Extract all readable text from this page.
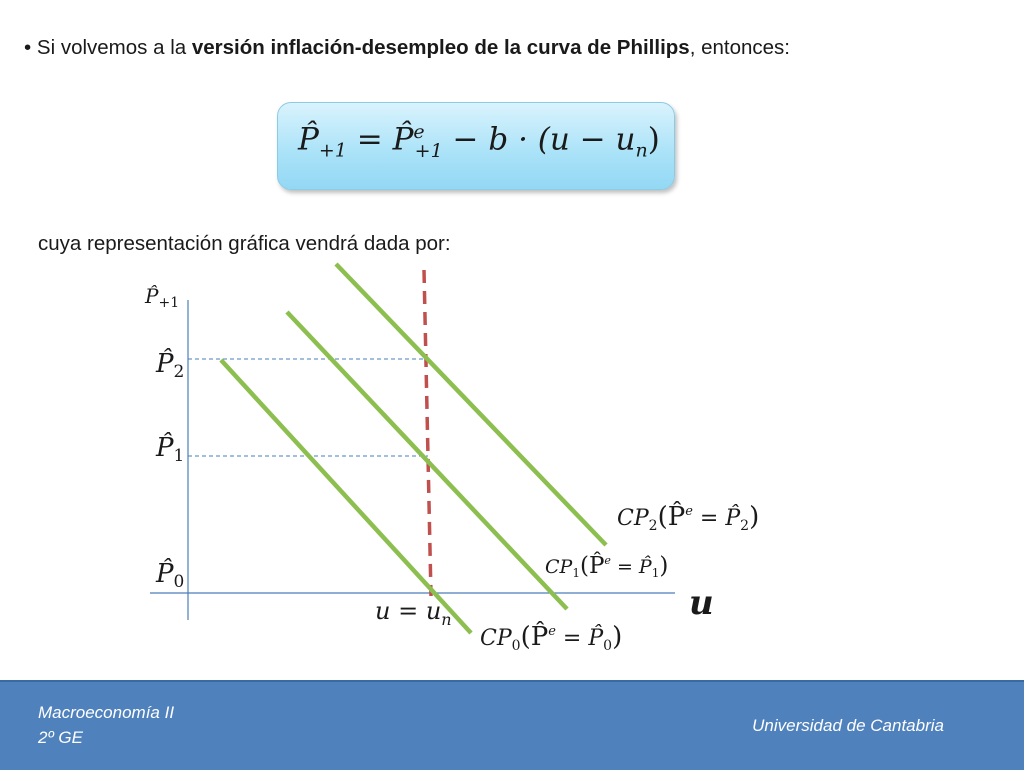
• Si volvemos a la versión inflación-desempleo de la curva de Phillips, entonces:
$P̂_{+1}$ = P̂$^e_{+1}$ − $b \cdot (u - u_n)$
cuya representación gráfica vendrá dada por:
$P̂_{+1}$
P̂2
P̂1
P̂0
u
$u = u_n$
$CP_2(P̂^e$ = $P̂_2$)
$CP_1(P̂^e$ = $P̂_1$)
$CP_0(P̂^e$ = $P̂_0$)
Macroeconomía II
2º GE
Universidad de Cantabria
